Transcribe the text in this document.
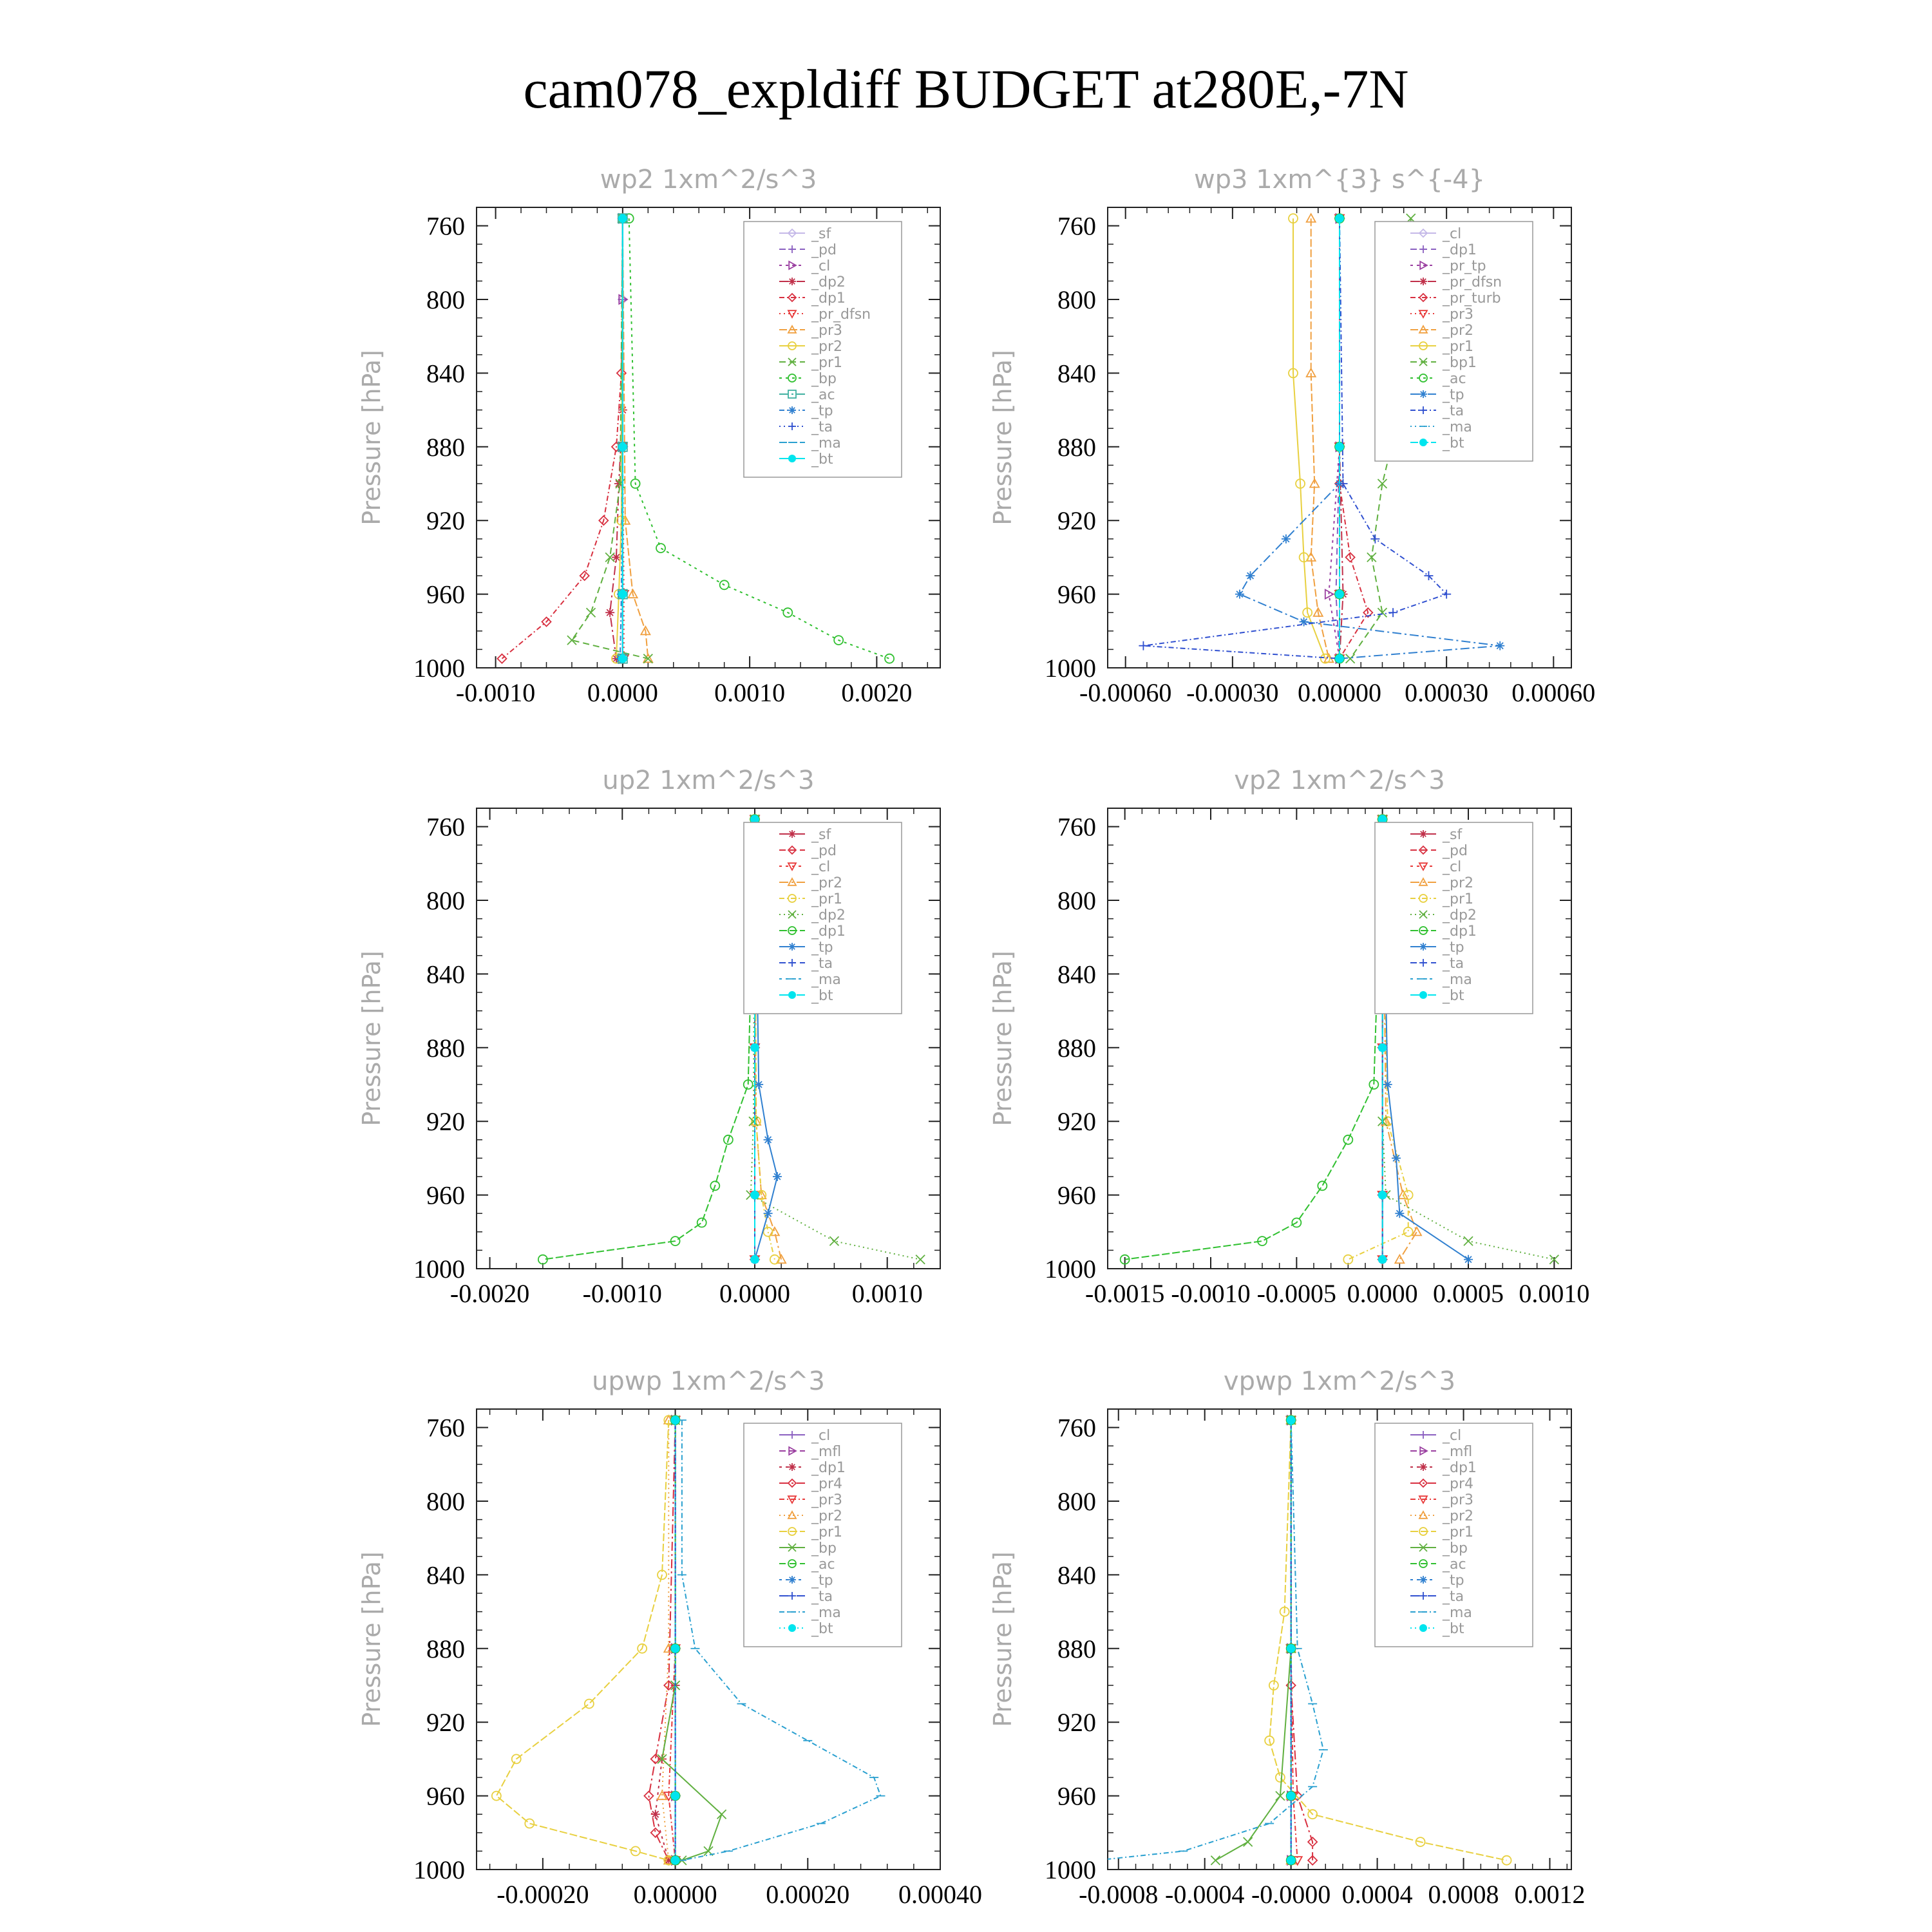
cam078_expldiff BUDGET at280E,-7N
wp2 1xm^2/s^3
Pressure [hPa]
760
800
840
880
920
960
1000
-0.0010 0.0000 0.0010 0.0020
_sf
_pd
_cl
_dp2
_dp1
_pr_dfsn
_pr3
_pr2
_pr1
_bp
_ac
_tp
_ta
_ma
_bt
wp3 1xm^{3} s^{-4}
Pressure [hPa]
760
800
840
880
920
960
1000
-0.00060 -0.00030 0.00000 0.00030 0.00060
_cl
_dp1
_pr_tp
_pr_dfsn
_pr_turb
_pr3
_pr2
_pr1
_bp1
_ac
_tp
_ta
_ma
_bt
up2 1xm^2/s^3
Pressure [hPa]
760
800
840
880
920
960
1000
-0.0020 -0.0010 0.0000 0.0010
_sf
_pd
_cl
_pr2
_pr1
_dp2
_dp1
_tp
_ta
_ma
_bt
vp2 1xm^2/s^3
Pressure [hPa]
760
800
840
880
920
960
1000
-0.0015 -0.0010 -0.0005 0.0000 0.0005 0.0010
_sf
_pd
_cl
_pr2
_pr1
_dp2
_dp1
_tp
_ta
_ma
_bt
upwp 1xm^2/s^3
Pressure [hPa]
760
800
840
880
920
960
1000
-0.00020 0.00000 0.00020 0.00040
_cl
_mfl
_dp1
_pr4
_pr3
_pr2
_pr1
_bp
_ac
_tp
_ta
_ma
_bt
vpwp 1xm^2/s^3
Pressure [hPa]
760
800
840
880
920
960
1000
-0.0008 -0.0004 -0.0000 0.0004 0.0008 0.0012
_cl
_mfl
_dp1
_pr4
_pr3
_pr2
_pr1
_bp
_ac
_tp
_ta
_ma
_bt
